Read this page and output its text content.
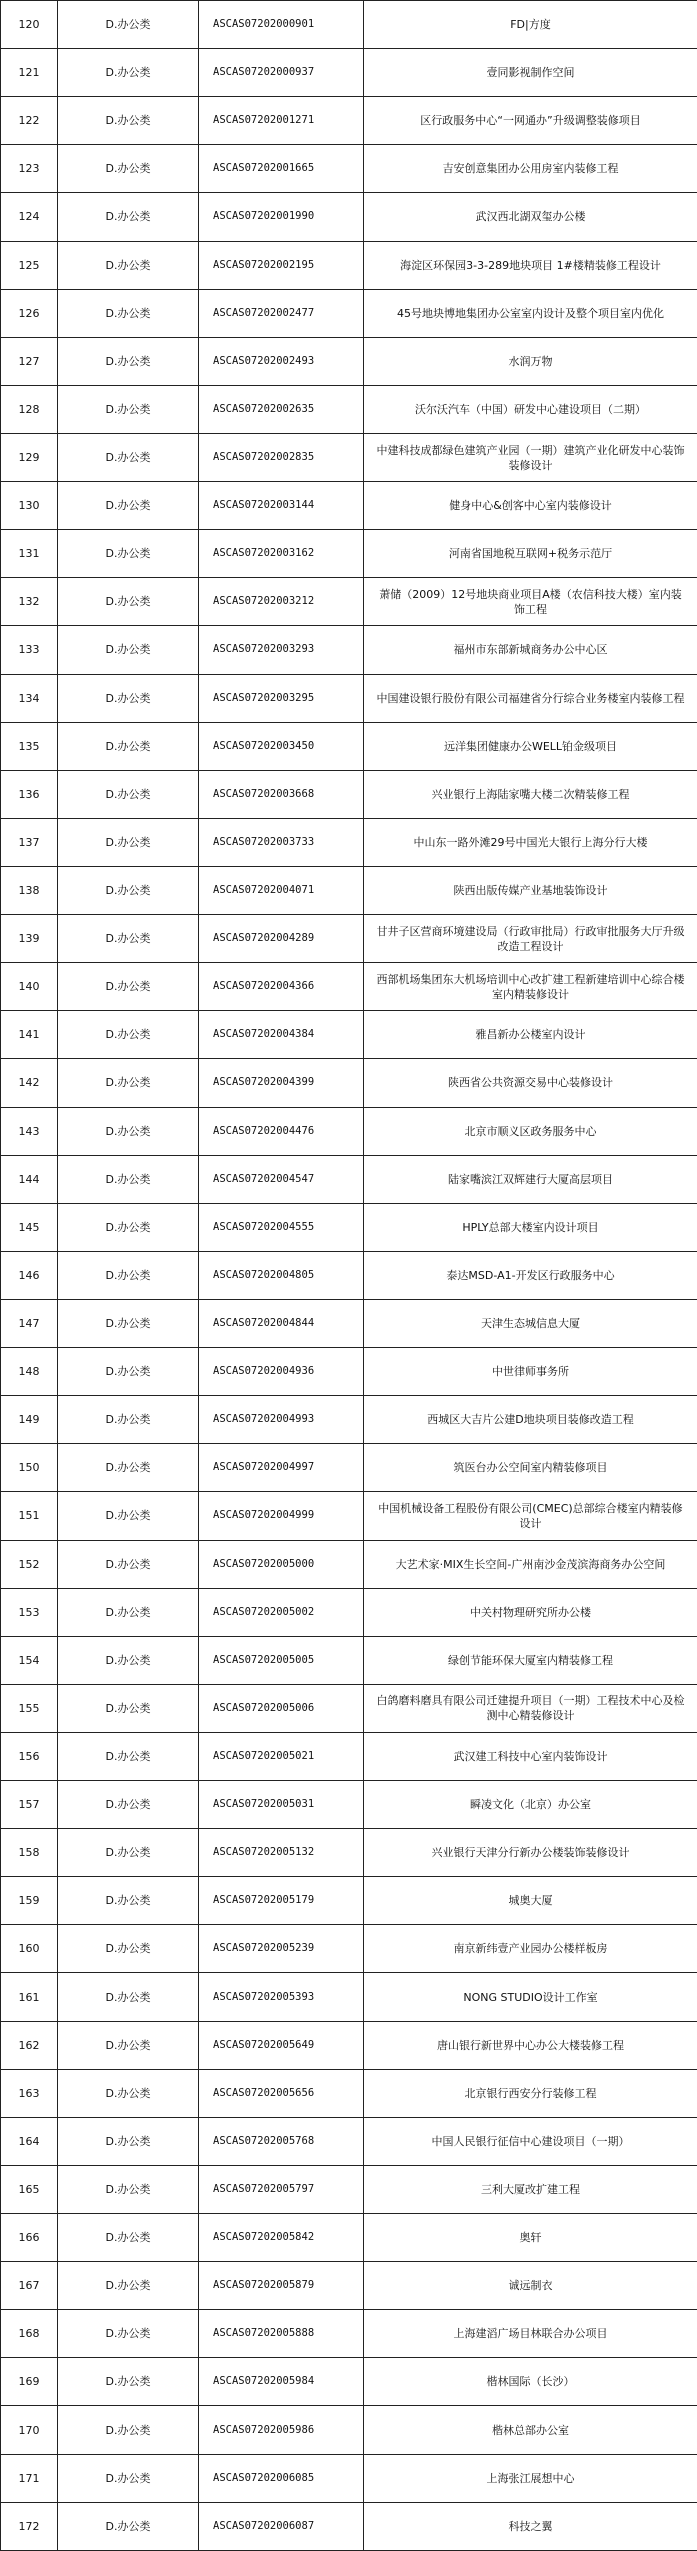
120	D.办公类	ASCAS07202000901	FD|方度
121	D.办公类	ASCAS07202000937	壹同影视制作空间
122	D.办公类	ASCAS07202001271	区行政服务中心“一网通办”升级调整装修项目
123	D.办公类	ASCAS07202001665	吉安创意集团办公用房室内装修工程
124	D.办公类	ASCAS07202001990	武汉西北湖双玺办公楼
125	D.办公类	ASCAS07202002195	海淀区环保园3-3-289地块项目 1#楼精装修工程设计
126	D.办公类	ASCAS07202002477	45号地块博地集团办公室室内设计及整个项目室内优化
127	D.办公类	ASCAS07202002493	水润万物
128	D.办公类	ASCAS07202002635	沃尔沃汽车（中国）研发中心建设项目（二期）
129	D.办公类	ASCAS07202002835	中建科技成都绿色建筑产业园（一期）建筑产业化研发中心装饰装修设计
130	D.办公类	ASCAS07202003144	健身中心&创客中心室内装修设计
131	D.办公类	ASCAS07202003162	河南省国地税互联网+税务示范厅
132	D.办公类	ASCAS07202003212	萧储（2009）12号地块商业项目A楼（农信科技大楼）室内装饰工程
133	D.办公类	ASCAS07202003293	福州市东部新城商务办公中心区
134	D.办公类	ASCAS07202003295	中国建设银行股份有限公司福建省分行综合业务楼室内装修工程
135	D.办公类	ASCAS07202003450	远洋集团健康办公WELL铂金级项目
136	D.办公类	ASCAS07202003668	兴业银行上海陆家嘴大楼二次精装修工程
137	D.办公类	ASCAS07202003733	中山东一路外滩29号中国光大银行上海分行大楼
138	D.办公类	ASCAS07202004071	陕西出版传媒产业基地装饰设计
139	D.办公类	ASCAS07202004289	甘井子区营商环境建设局（行政审批局）行政审批服务大厅升级改造工程设计
140	D.办公类	ASCAS07202004366	西部机场集团东大机场培训中心改扩建工程新建培训中心综合楼室内精装修设计
141	D.办公类	ASCAS07202004384	雅昌新办公楼室内设计
142	D.办公类	ASCAS07202004399	陕西省公共资源交易中心装修设计
143	D.办公类	ASCAS07202004476	北京市顺义区政务服务中心
144	D.办公类	ASCAS07202004547	陆家嘴滨江双辉建行大厦高层项目
145	D.办公类	ASCAS07202004555	HPLY总部大楼室内设计项目
146	D.办公类	ASCAS07202004805	泰达MSD-A1-开发区行政服务中心
147	D.办公类	ASCAS07202004844	天津生态城信息大厦
148	D.办公类	ASCAS07202004936	中世律师事务所
149	D.办公类	ASCAS07202004993	西城区大吉片公建D地块项目装修改造工程
150	D.办公类	ASCAS07202004997	筑医台办公空间室内精装修项目
151	D.办公类	ASCAS07202004999	中国机械设备工程股份有限公司(CMEC)总部综合楼室内精装修设计
152	D.办公类	ASCAS07202005000	大艺术家·MIX生长空间-广州南沙金茂滨海商务办公空间
153	D.办公类	ASCAS07202005002	中关村物理研究所办公楼
154	D.办公类	ASCAS07202005005	绿创节能环保大厦室内精装修工程
155	D.办公类	ASCAS07202005006	白鸽磨料磨具有限公司迁建提升项目（一期）工程技术中心及检测中心精装修设计
156	D.办公类	ASCAS07202005021	武汉建工科技中心室内装饰设计
157	D.办公类	ASCAS07202005031	瞬凌文化（北京）办公室
158	D.办公类	ASCAS07202005132	兴业银行天津分行新办公楼装饰装修设计
159	D.办公类	ASCAS07202005179	城奥大厦
160	D.办公类	ASCAS07202005239	南京新纬壹产业园办公楼样板房
161	D.办公类	ASCAS07202005393	NONG STUDIO设计工作室
162	D.办公类	ASCAS07202005649	唐山银行新世界中心办公大楼装修工程
163	D.办公类	ASCAS07202005656	北京银行西安分行装修工程
164	D.办公类	ASCAS07202005768	中国人民银行征信中心建设项目（一期）
165	D.办公类	ASCAS07202005797	三利大厦改扩建工程
166	D.办公类	ASCAS07202005842	奥轩
167	D.办公类	ASCAS07202005879	诚远制衣
168	D.办公类	ASCAS07202005888	上海建滔广场目林联合办公项目
169	D.办公类	ASCAS07202005984	楷林国际（长沙）
170	D.办公类	ASCAS07202005986	楷林总部办公室
171	D.办公类	ASCAS07202006085	上海张江展想中心
172	D.办公类	ASCAS07202006087	科技之翼
